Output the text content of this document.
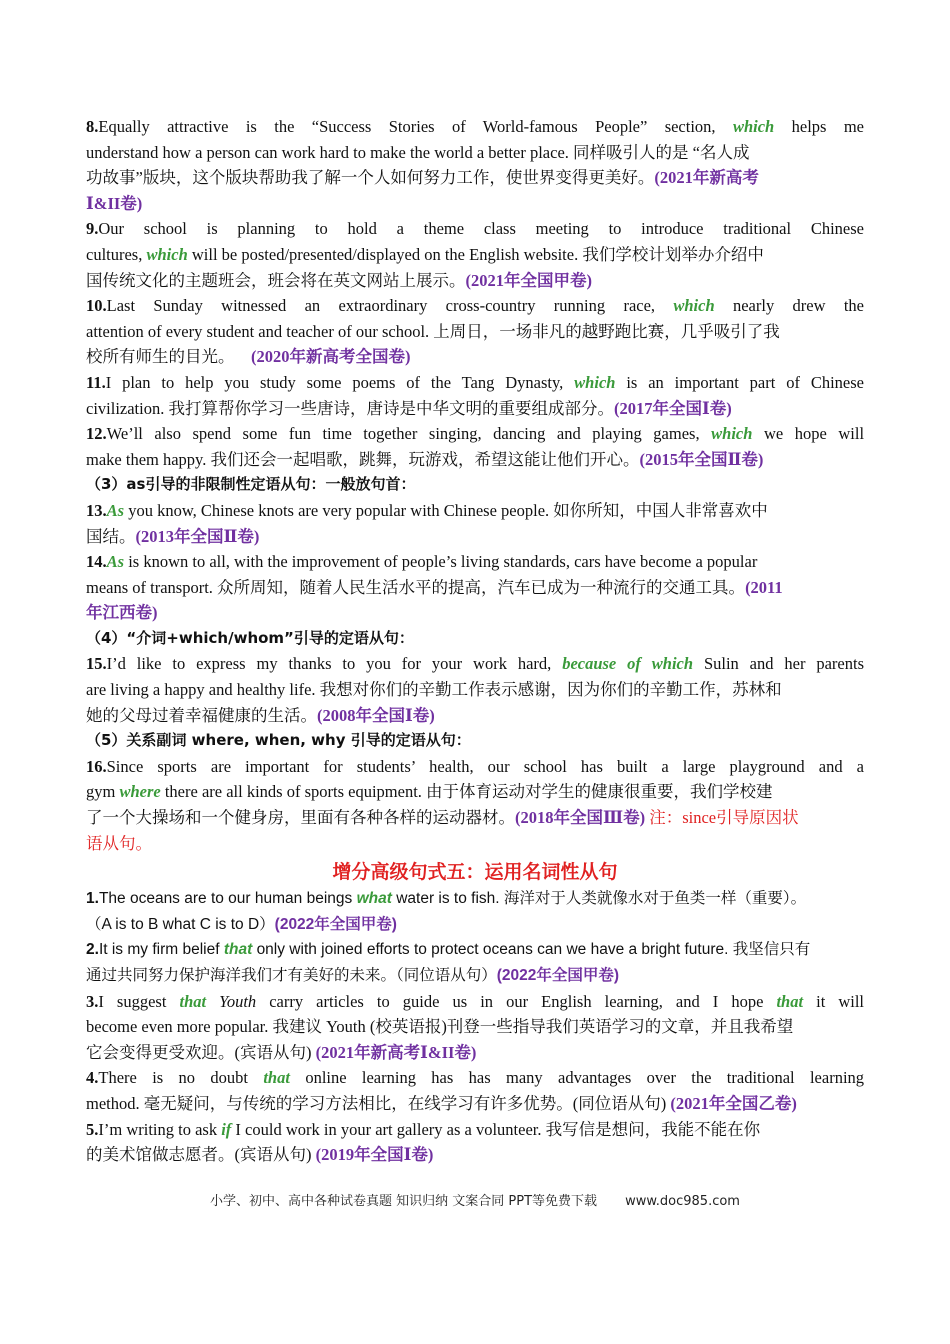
8.Equally attractive is the “Success Stories of World-famous People” section, which helps me

understand how a person can work hard to make the world a better place. 同样吸引人的是 “名人成

功故事”版块，这个版块帮助我了解一个人如何努力工作，使世界变得更美好。(2021年新高考

Ⅰ&II卷)

9.Our school is planning to hold a theme class meeting to introduce traditional Chinese

cultures, which will be posted/presented/displayed on the English website. 我们学校计划举办介绍中

国传统文化的主题班会，班会将在英文网站上展示。(2021年全国甲卷)

10.Last Sunday witnessed an extraordinary cross-country running race, which nearly drew the

attention of every student and teacher of our school. 上周日，一场非凡的越野跑比赛，几乎吸引了我

校所有师生的目光。 (2020年新高考全国卷)

11.I plan to help you study some poems of the Tang Dynasty, which is an important part of Chinese

civilization. 我打算帮你学习一些唐诗，唐诗是中华文明的重要组成部分。(2017年全国Ⅰ卷)

12.We’ll also spend some fun time together singing, dancing and playing games, which we hope will

make them happy. 我们还会一起唱歌，跳舞，玩游戏，希望这能让他们开心。(2015年全国Ⅱ卷)

（3）as引导的非限制性定语从句：一般放句首：

13.As you know, Chinese knots are very popular with Chinese people. 如你所知，中国人非常喜欢中

国结。(2013年全国Ⅱ卷)

14.As is known to all, with the improvement of people’s living standards, cars have become a popular

means of transport. 众所周知，随着人民生活水平的提高，汽车已成为一种流行的交通工具。(2011

年江西卷)

（4）“介词+which/whom”引导的定语从句：

15.I’d like to express my thanks to you for your work hard, because of which Sulin and her parents

are living a happy and healthy life. 我想对你们的辛勤工作表示感谢，因为你们的辛勤工作，苏林和

她的父母过着幸福健康的生活。(2008年全国Ⅰ卷)

（5）关系副词 where, when, why 引导的定语从句：

16.Since sports are important for students’ health, our school has built a large playground and a

gym where there are all kinds of sports equipment. 由于体育运动对学生的健康很重要，我们学校建

了一个大操场和一个健身房，里面有各种各样的运动器材。(2018年全国Ⅲ卷) 注：since引导原因状

语从句。

增分高级句式五：运用名词性从句

1.The oceans are to our human beings what water is to fish. 海洋对于人类就像水对于鱼类一样（重要）。

（A is to B what C is to D）(2022年全国甲卷)

2.It is my firm belief that only with joined efforts to protect oceans can we have a bright future. 我坚信只有

通过共同努力保护海洋我们才有美好的未来。（同位语从句）(2022年全国甲卷)

3.I suggest that Youth carry articles to guide us in our English learning, and I hope that it will

become even more popular. 我建议 Youth (校英语报)刊登一些指导我们英语学习的文章，并且我希望

它会变得更受欢迎。(宾语从句) (2021年新高考Ⅰ&II卷)

4.There is no doubt that online learning has has many advantages over the traditional learning

method. 毫无疑问，与传统的学习方法相比，在线学习有许多优势。(同位语从句) (2021年全国乙卷)

5.I’m writing to ask if I could work in your art gallery as a volunteer. 我写信是想问，我能不能在你

的美术馆做志愿者。(宾语从句) (2019年全国Ⅰ卷)

小学、初中、高中各种试卷真题 知识归纳 文案合同 PPT等免费下载 www.doc985.com
